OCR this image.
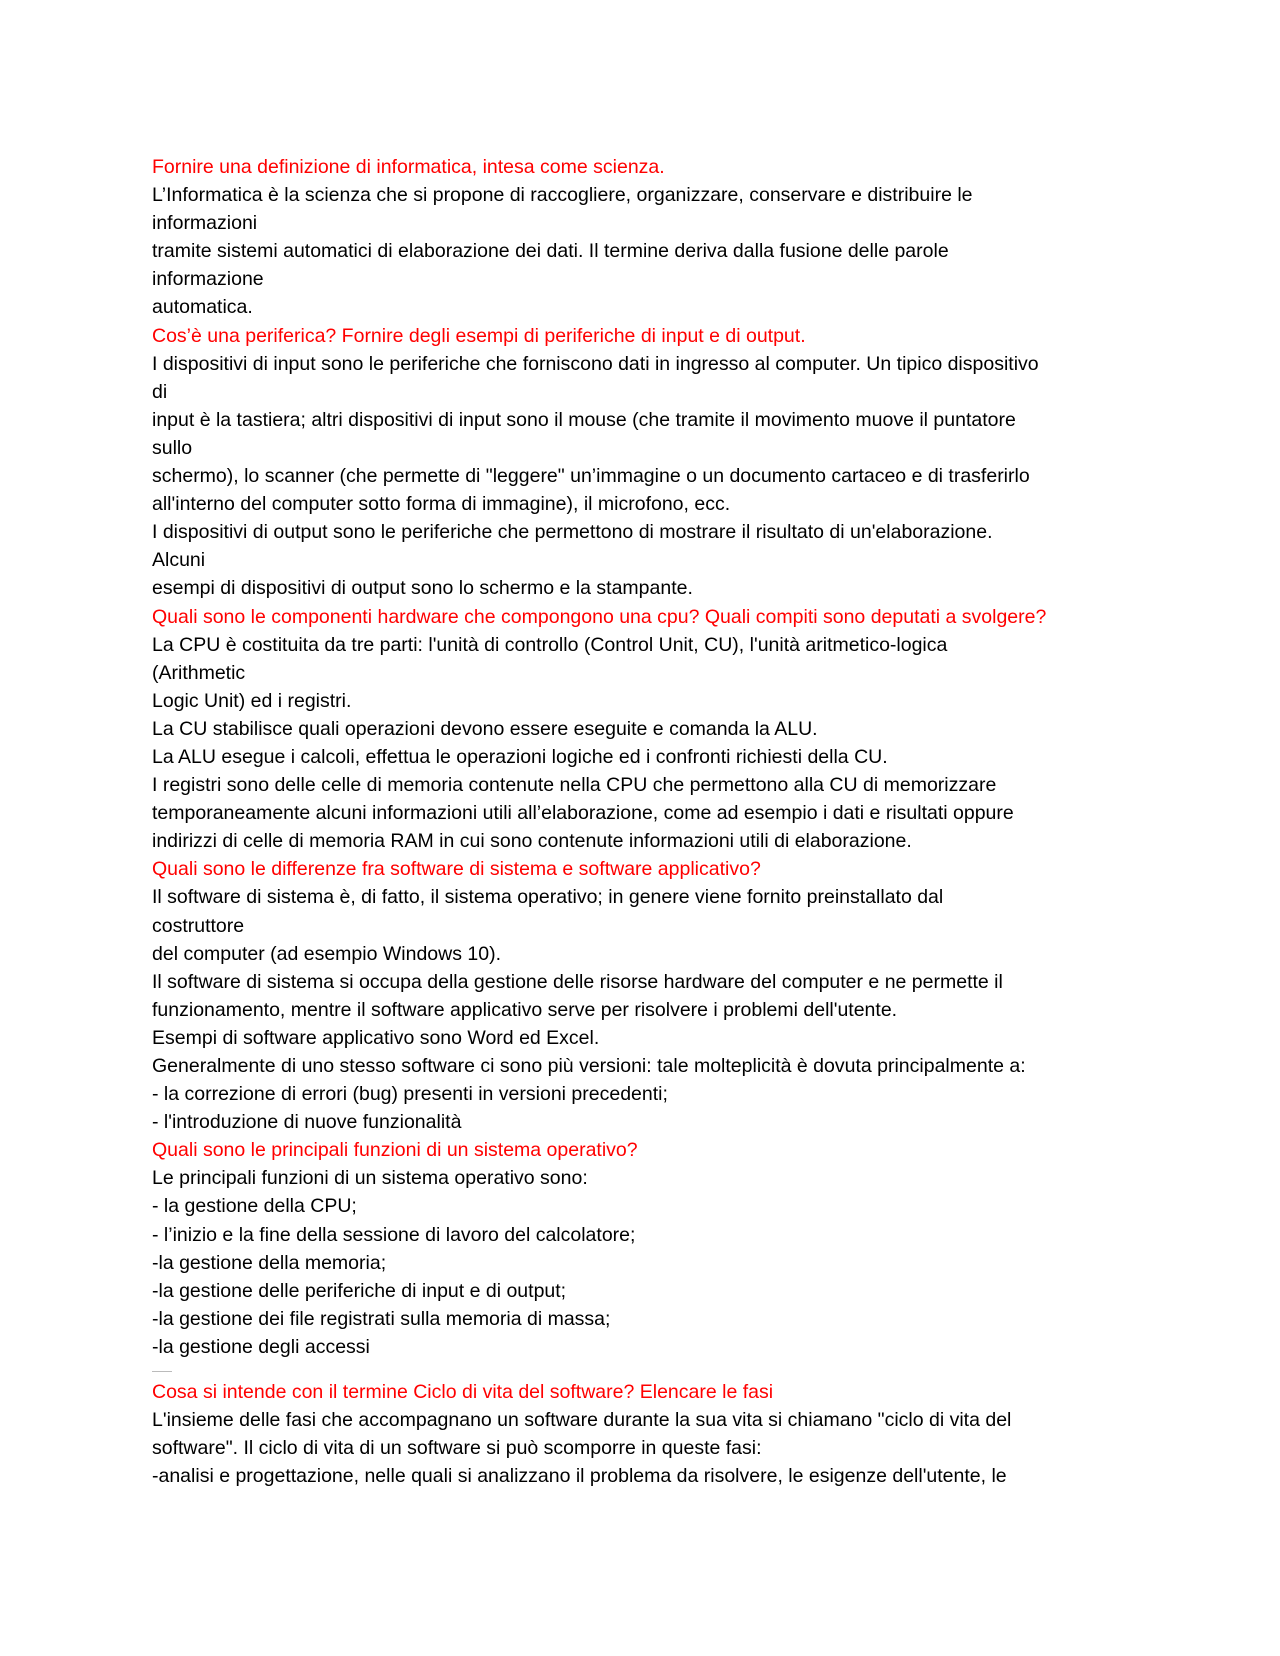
Fornire una definizione di informatica, intesa come scienza.
L’Informatica è la scienza che si propone di raccogliere, organizzare, conservare e distribuire le
informazioni
tramite sistemi automatici di elaborazione dei dati. Il termine deriva dalla fusione delle parole
informazione
automatica.
Cos’è una periferica? Fornire degli esempi di periferiche di input e di output.
I dispositivi di input sono le periferiche che forniscono dati in ingresso al computer. Un tipico dispositivo
di
input è la tastiera; altri dispositivi di input sono il mouse (che tramite il movimento muove il puntatore
sullo
schermo), lo scanner (che permette di "leggere" un’immagine o un documento cartaceo e di trasferirlo
all'interno del computer sotto forma di immagine), il microfono, ecc.
I dispositivi di output sono le periferiche che permettono di mostrare il risultato di un'elaborazione.
Alcuni
esempi di dispositivi di output sono lo schermo e la stampante.
Quali sono le componenti hardware che compongono una cpu? Quali compiti sono deputati a svolgere?
La CPU è costituita da tre parti: l'unità di controllo (Control Unit, CU), l'unità aritmetico-logica
(Arithmetic
Logic Unit) ed i registri.
La CU stabilisce quali operazioni devono essere eseguite e comanda la ALU.
La ALU esegue i calcoli, effettua le operazioni logiche ed i confronti richiesti della CU.
I registri sono delle celle di memoria contenute nella CPU che permettono alla CU di memorizzare
temporaneamente alcuni informazioni utili all’elaborazione, come ad esempio i dati e risultati oppure
indirizzi di celle di memoria RAM in cui sono contenute informazioni utili di elaborazione.
Quali sono le differenze fra software di sistema e software applicativo?
Il software di sistema è, di fatto, il sistema operativo; in genere viene fornito preinstallato dal
costruttore
del computer (ad esempio Windows 10).
Il software di sistema si occupa della gestione delle risorse hardware del computer e ne permette il
funzionamento, mentre il software applicativo serve per risolvere i problemi dell'utente.
Esempi di software applicativo sono Word ed Excel.
Generalmente di uno stesso software ci sono più versioni: tale molteplicità è dovuta principalmente a:
- la correzione di errori (bug) presenti in versioni precedenti;
- l'introduzione di nuove funzionalità
Quali sono le principali funzioni di un sistema operativo?
Le principali funzioni di un sistema operativo sono:
- la gestione della CPU;
- l’inizio e la fine della sessione di lavoro del calcolatore;
-la gestione della memoria;
-la gestione delle periferiche di input e di output;
-la gestione dei file registrati sulla memoria di massa;
-la gestione degli accessi
Cosa si intende con il termine Ciclo di vita del software? Elencare le fasi
L'insieme delle fasi che accompagnano un software durante la sua vita si chiamano "ciclo di vita del
software". Il ciclo di vita di un software si può scomporre in queste fasi:
-analisi e progettazione, nelle quali si analizzano il problema da risolvere, le esigenze dell'utente, le
